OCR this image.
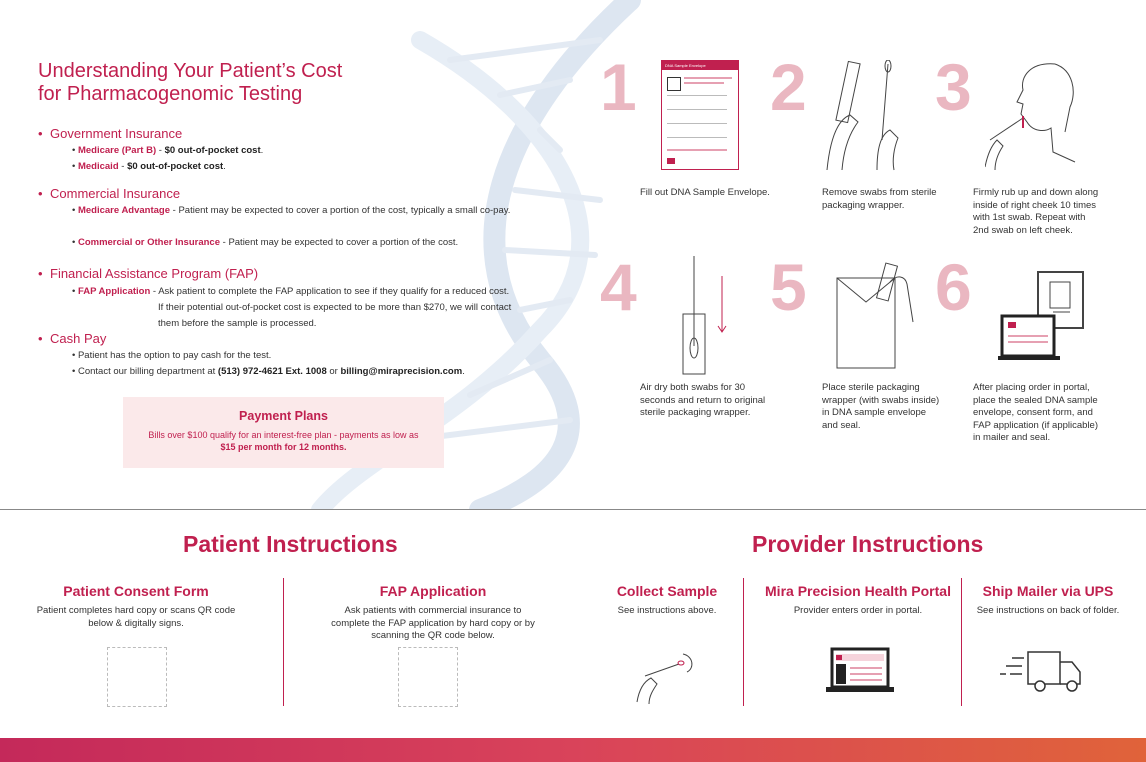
Understanding Your Patient’s Cost
for Pharmacogenomic Testing
• Government Insurance
• Medicare (Part B) - $0 out-of-pocket cost.
• Medicaid - $0 out-of-pocket cost.
• Commercial Insurance
• Medicare Advantage - Patient may be expected to cover a portion of the cost, typically a small co-pay.
• Commercial or Other Insurance - Patient may be expected to cover a portion of the cost.
• Financial Assistance Program (FAP)
• FAP Application - Ask patient to complete the FAP application to see if they qualify for a reduced cost.
If their potential out-of-pocket cost is expected to be more than $270, we will contact
them before the sample is processed.
• Cash Pay
• Patient has the option to pay cash for the test.
• Contact our billing department at (513) 972-4621 Ext. 1008 or billing@miraprecision.com.
Payment Plans
Bills over $100 qualify for an interest-free plan - payments as low as
$15 per month for 12 months.
1 2 3
4 5 6
DNA Sample Envelope
Fill out DNA Sample Envelope.	Remove swabs from sterile packaging wrapper.
Firmly rub up and down along inside of right cheek 10 times with 1st swab. Repeat with 2nd swab on left cheek.
Air dry both swabs for 30 seconds and return to original sterile packaging wrapper.
Place sterile packaging wrapper (with swabs inside) in DNA sample envelope and seal.
After placing order in portal, place the sealed DNA sample envelope, consent form, and FAP application (if applicable) in mailer and seal.
Patient Instructions
Patient Consent Form
Patient completes hard copy or scans QR code below & digitally signs.
FAP Application
Ask patients with commercial insurance to complete the FAP application by hard copy or by scanning the QR code below.
Provider Instructions
Collect Sample
See instructions above.
Mira Precision Health Portal
Provider enters order in portal.
Ship Mailer via UPS
See instructions on back of folder.
